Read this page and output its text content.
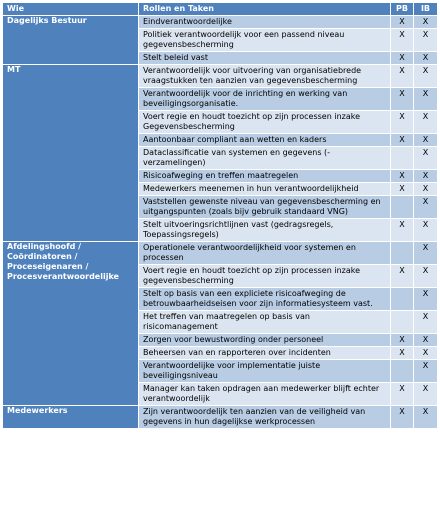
Wie	Rollen en Taken	PB	IB
Dagelijks Bestuur	Eindverantwoordelijke	X	X
	Politiek verantwoordelijk voor een passend niveau gegevensbescherming	X	X
	Stelt beleid vast	X	X
MT	Verantwoordelijk voor uitvoering van organisatiebrede vraagstukken ten aanzien van gegevensbescherming	X	X
	Verantwoordelijk voor de inrichting en werking van beveiligingsorganisatie.	X	X
	Voert regie en houdt toezicht op zijn processen inzake Gegevensbescherming	X	X
	Aantoonbaar compliant aan wetten en kaders	X	X
	Dataclassificatie van systemen en gegevens (-verzamelingen)		X
	Risicoafweging en treffen maatregelen	X	X
	Medewerkers meenemen in hun verantwoordelijkheid	X	X
	Vaststellen gewenste niveau van gegevensbescherming en uitgangspunten (zoals bijv gebruik standaard VNG)		X
	Stelt uitvoeringsrichtlijnen vast (gedragsregels, Toepassingsregels)	X	X
Afdelingshoofd / Coördinatoren / Proceseigenaren / Procesverantwoordelijke	Operationele verantwoordelijkheid voor systemen en processen		X
	Voert regie en houdt toezicht op zijn processen inzake gegevensbescherming	X	X
	Stelt op basis van een expliciete risicoafweging de betrouwbaarheidseisen voor zijn informatiesysteem vast.		X
	Het treffen van maatregelen op basis van risicomanagement		X
	Zorgen voor bewustwording onder personeel	X	X
	Beheersen van en rapporteren over incidenten	X	X
	Verantwoordelijke voor implementatie juiste beveiligingsniveau		X
	Manager kan taken opdragen aan medewerker blijft echter verantwoordelijk	X	X
Medewerkers	Zijn verantwoordelijk ten aanzien van de veiligheid van gegevens in hun dagelijkse werkprocessen	X	X
